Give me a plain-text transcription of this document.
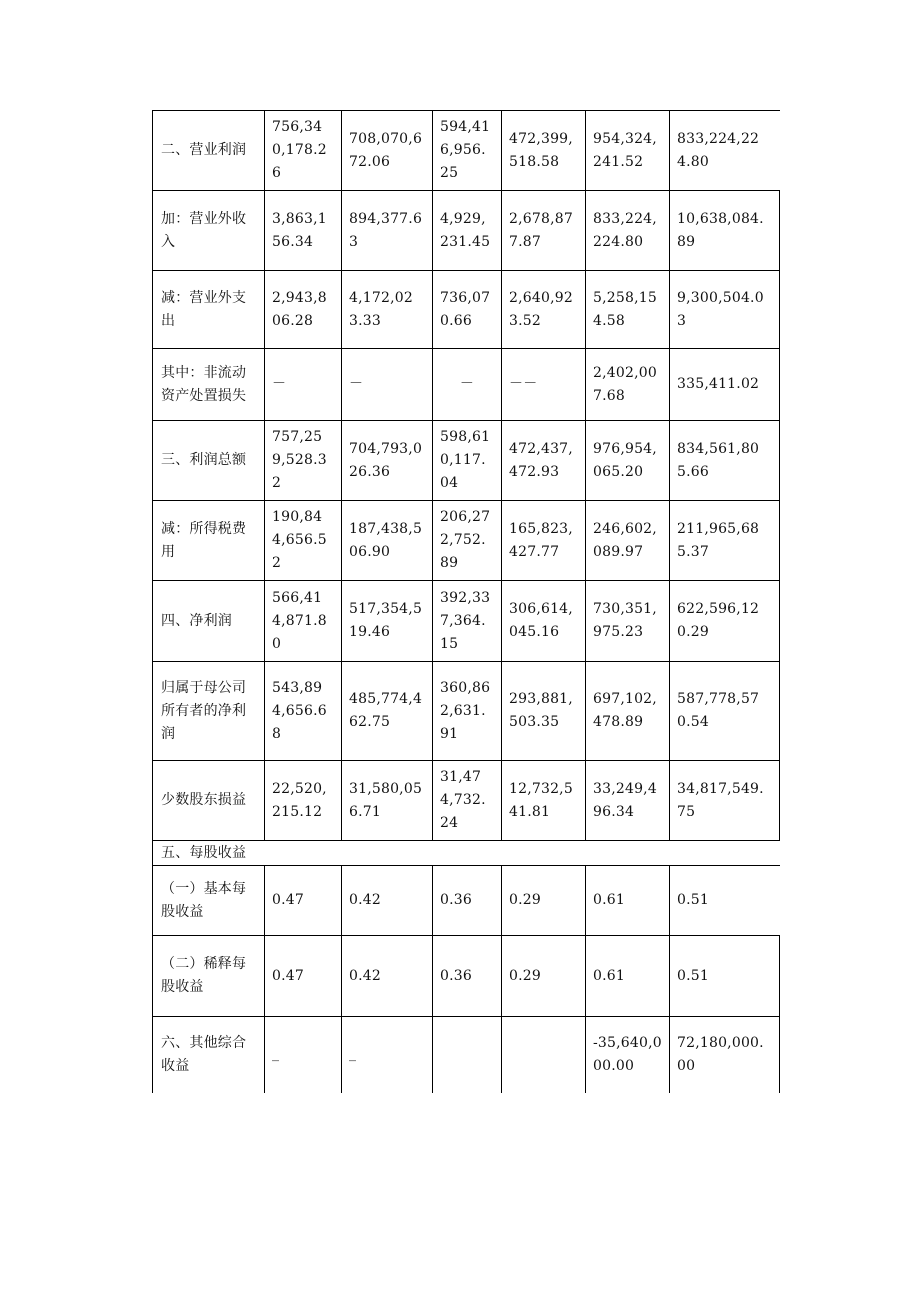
二、营业利润	756,340,178.26	708,070,672.06	594,416,956.25	472,399,518.58	954,324,241.52	833,224,224.80
加：营业外收入	3,863,156.34	894,377.63	4,929,231.45	2,678,877.87	833,224,224.80	10,638,084.89
减：营业外支出	2,943,806.28	4,172,023.33	736,070.66	2,640,923.52	5,258,154.58	9,300,504.03
其中：非流动资产处置损失	－	－	－	－－	2,402,007.68	335,411.02
三、利润总额	757,259,528.32	704,793,026.36	598,610,117.04	472,437,472.93	976,954,065.20	834,561,805.66
减：所得税费用	190,844,656.52	187,438,506.90	206,272,752.89	165,823,427.77	246,602,089.97	211,965,685.37
四、净利润	566,414,871.80	517,354,519.46	392,337,364.15	306,614,045.16	730,351,975.23	622,596,120.29
归属于母公司所有者的净利润	543,894,656.68	485,774,462.75	360,862,631.91	293,881,503.35	697,102,478.89	587,778,570.54
少数股东损益	22,520,215.12	31,580,056.71	31,474,732.24	12,732,541.81	33,249,496.34	34,817,549.75
五、每股收益						
（一）基本每股收益	0.47	0.42	0.36	0.29	0.61	0.51
（二）稀释每股收益	0.47	0.42	0.36	0.29	0.61	0.51
六、其他综合收益	_	_			-35,640,000.00	72,180,000.00
